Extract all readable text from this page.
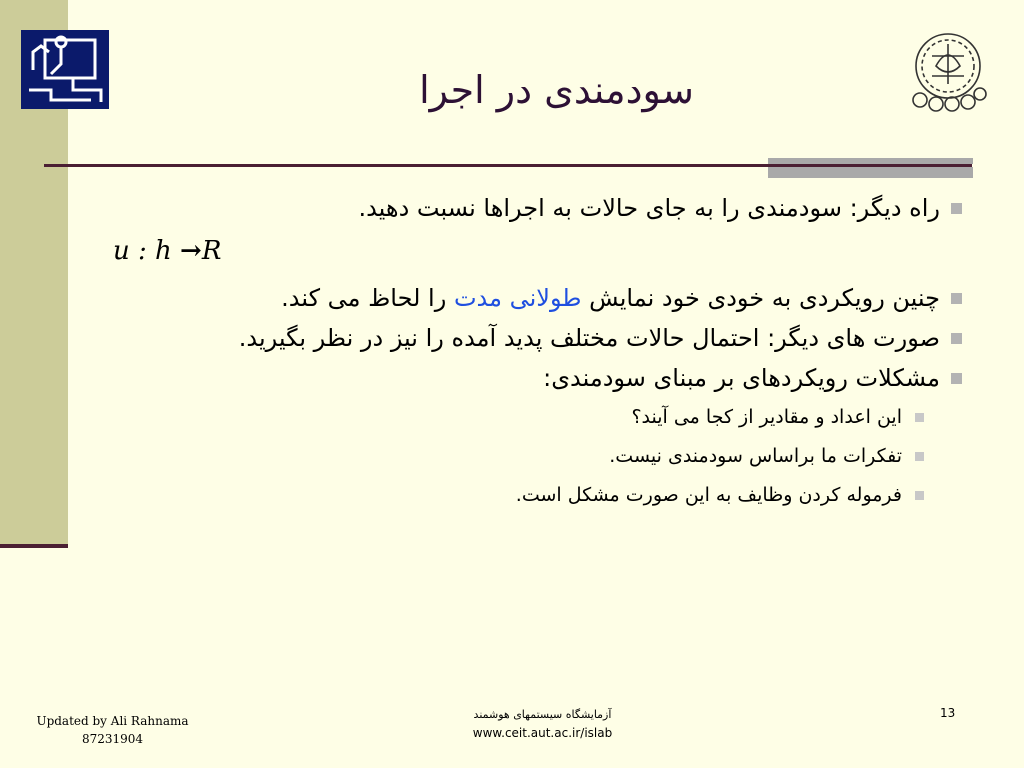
سودمندی در اجرا
u : h →R
راه دیگر: سودمندی را به جای حالات به اجراها نسبت دهید.
چنین رویکردی به خودی خود نمایش طولانی مدت را لحاظ می کند.
صورت های دیگر: احتمال حالات مختلف پدید آمده را نیز در نظر بگیرید.
مشکلات رویکردهای بر مبنای سودمندی:
این اعداد و مقادیر از کجا می آیند؟
تفکرات ما براساس سودمندی نیست.
فرموله کردن وظایف به این صورت مشکل است.
Updated by Ali Rahnama
87231904
آزمایشگاه سیستمهای هوشمند
www.ceit.aut.ac.ir/islab
13
